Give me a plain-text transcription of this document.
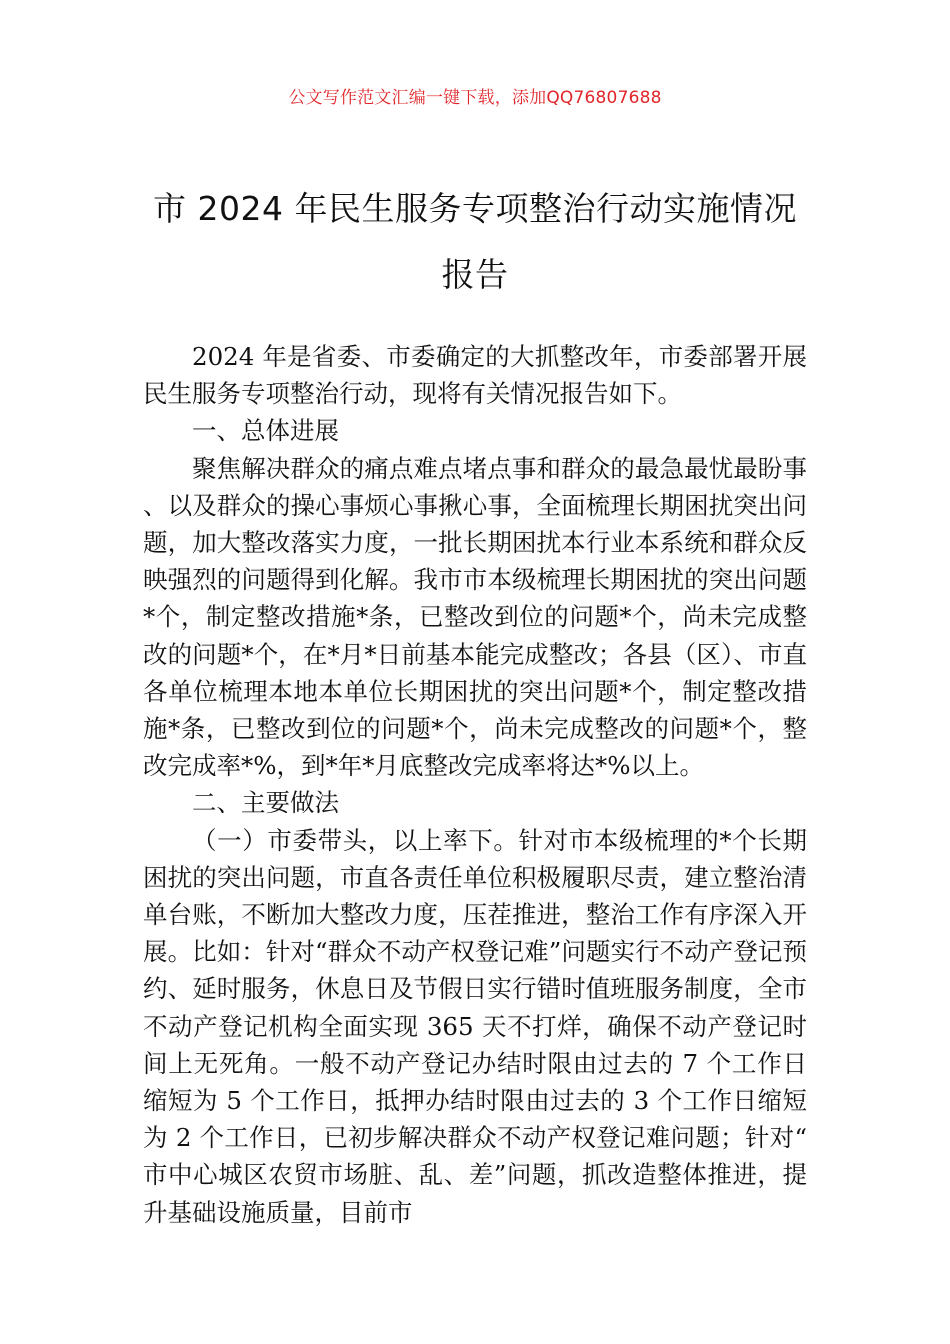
公文写作范文汇编一键下载，添加QQ76807688
市 2024 年民生服务专项整治行动实施情况
报告

2024 年是省委、市委确定的大抓整改年，市委部署开展民生服务专项整治行动，现将有关情况报告如下。

一、总体进展

聚焦解决群众的痛点难点堵点事和群众的最急最忧最盼事、以及群众的操心事烦心事揪心事，全面梳理长期困扰突出问题，加大整改落实力度，一批长期困扰本行业本系统和群众反映强烈的问题得到化解。我市市本级梳理长期困扰的突出问题*个，制定整改措施*条，已整改到位的问题*个，尚未完成整改的问题*个，在*月*日前基本能完成整改；各县（区）、市直各单位梳理本地本单位长期困扰的突出问题*个，制定整改措施*条，已整改到位的问题*个，尚未完成整改的问题*个，整改完成率*%，到*年*月底整改完成率将达*%以上。

二、主要做法

（一）市委带头，以上率下。针对市本级梳理的*个长期困扰的突出问题，市直各责任单位积极履职尽责，建立整治清单台账，不断加大整改力度，压茬推进，整治工作有序深入开展。比如：针对“群众不动产权登记难”问题实行不动产登记预约、延时服务，休息日及节假日实行错时值班服务制度，全市不动产登记机构全面实现 365 天不打烊，确保不动产登记时间上无死角。一般不动产登记办结时限由过去的 7 个工作日缩短为 5 个工作日，抵押办结时限由过去的 3 个工作日缩短为 2 个工作日，已初步解决群众不动产权登记难问题；针对“市中心城区农贸市场脏、乱、差”问题，抓改造整体推进，提升基础设施质量，目前市
